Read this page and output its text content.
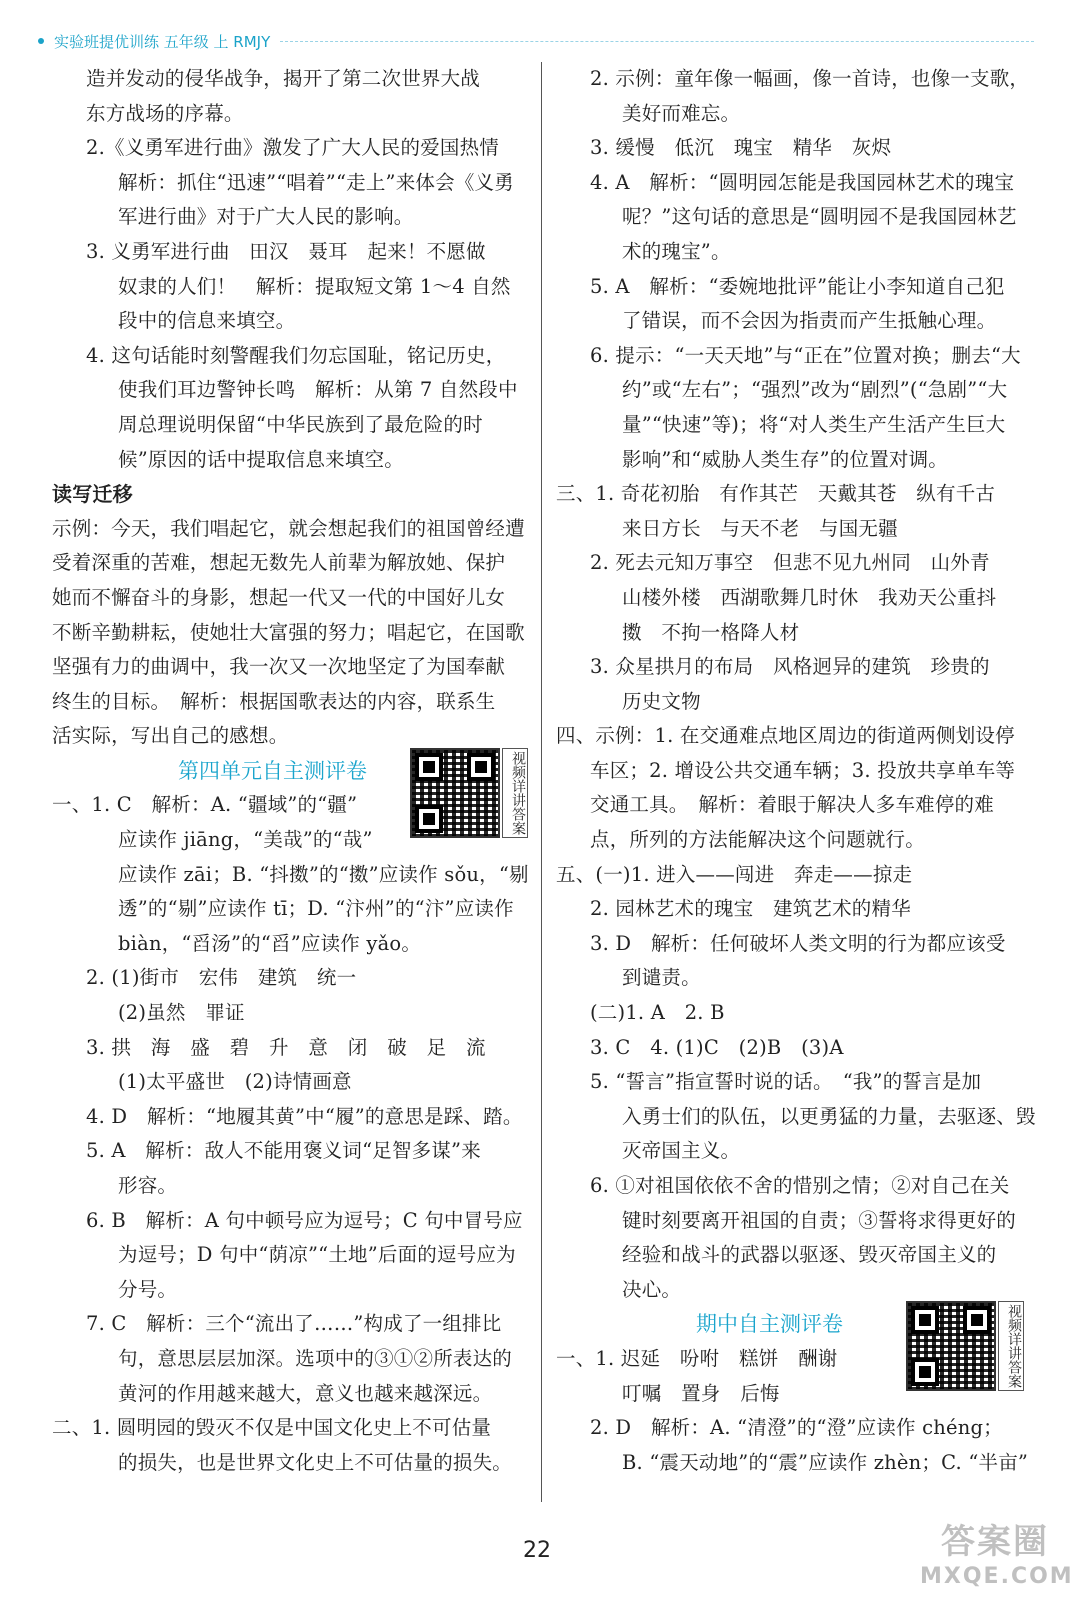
实验班提优训练 五年级 上 RMJY
造并发动的侵华战争，揭开了第二次世界大战
东方战场的序幕。
2.《义勇军进行曲》激发了广大人民的爱国热情
解析：抓住“迅速”“唱着”“走上”来体会《义勇
军进行曲》对于广大人民的影响。
3. 义勇军进行曲　田汉　聂耳　起来！不愿做
奴隶的人们！　解析：提取短文第 1～4 自然
段中的信息来填空。
4. 这句话能时刻警醒我们勿忘国耻，铭记历史，
使我们耳边警钟长鸣　解析：从第 7 自然段中
周总理说明保留“中华民族到了最危险的时
候”原因的话中提取信息来填空。
读写迁移
示例：今天，我们唱起它，就会想起我们的祖国曾经遭
受着深重的苦难，想起无数先人前辈为解放她、保护
她而不懈奋斗的身影，想起一代又一代的中国好儿女
不断辛勤耕耘，使她壮大富强的努力；唱起它，在国歌
坚强有力的曲调中，我一次又一次地坚定了为国奉献
终生的目标。　解析：根据国歌表达的内容，联系生
活实际，写出自己的感想。
第四单元自主测评卷	视频详讲答案
一、1. C　解析：A. “疆域”的“疆”
应读作 jiāng，“美哉”的“哉”
应读作 zāi；B. “抖擞”的“擞”应读作 sǒu，“剔
透”的“剔”应读作 tī；D. “汴州”的“汴”应读作
biàn，“舀汤”的“舀”应读作 yǎo。
2. (1)街市　宏伟　建筑　统一
(2)虽然　罪证
3. 拱　海　盛　碧　升　意　闭　破　足　流
(1)太平盛世　(2)诗情画意
4. D　解析：“地履其黄”中“履”的意思是踩、踏。
5. A　解析：敌人不能用褒义词“足智多谋”来
形容。
6. B　解析：A 句中顿号应为逗号；C 句中冒号应
为逗号；D 句中“荫凉”“土地”后面的逗号应为
分号。
7. C　解析：三个“流出了……”构成了一组排比
句，意思层层加深。选项中的③①②所表达的
黄河的作用越来越大，意义也越来越深远。
二、1. 圆明园的毁灭不仅是中国文化史上不可估量
的损失，也是世界文化史上不可估量的损失。
2. 示例：童年像一幅画，像一首诗，也像一支歌，
美好而难忘。
3. 缓慢　低沉　瑰宝　精华　灰烬
4. A　解析：“圆明园怎能是我国园林艺术的瑰宝
呢？”这句话的意思是“圆明园不是我国园林艺
术的瑰宝”。
5. A　解析：“委婉地批评”能让小李知道自己犯
了错误，而不会因为指责而产生抵触心理。
6. 提示：“一天天地”与“正在”位置对换；删去“大
约”或“左右”；“强烈”改为“剧烈”(“急剧”“大
量”“快速”等)；将“对人类生产生活产生巨大
影响”和“威胁人类生存”的位置对调。
三、1. 奇花初胎　有作其芒　天戴其苍　纵有千古
来日方长　与天不老　与国无疆
2. 死去元知万事空　但悲不见九州同　山外青
山楼外楼　西湖歌舞几时休　我劝天公重抖
擞　不拘一格降人材
3. 众星拱月的布局　风格迥异的建筑　珍贵的
历史文物
四、示例：1. 在交通难点地区周边的街道两侧划设停
车区；2. 增设公共交通车辆；3. 投放共享单车等
交通工具。　解析：着眼于解决人多车难停的难
点，所列的方法能解决这个问题就行。
五、(一)1. 进入——闯进　奔走——掠走
2. 园林艺术的瑰宝　建筑艺术的精华
3. D　解析：任何破坏人类文明的行为都应该受
到谴责。
(二)1. A　2. B
3. C　4. (1)C　(2)B　(3)A
5. “誓言”指宣誓时说的话。　“我”的誓言是加
入勇士们的队伍，以更勇猛的力量，去驱逐、毁
灭帝国主义。
6. ①对祖国依依不舍的惜别之情；②对自己在关
键时刻要离开祖国的自责；③誓将求得更好的
经验和战斗的武器以驱逐、毁灭帝国主义的
决心。
期中自主测评卷	视频详讲答案
一、1. 迟延　吩咐　糕饼　酬谢
叮嘱　置身　后悔
2. D　解析：A. “清澄”的“澄”应读作 chéng；
B. “震天动地”的“震”应读作 zhèn；C. “半亩”
22	答案圈
MXQE.COM
